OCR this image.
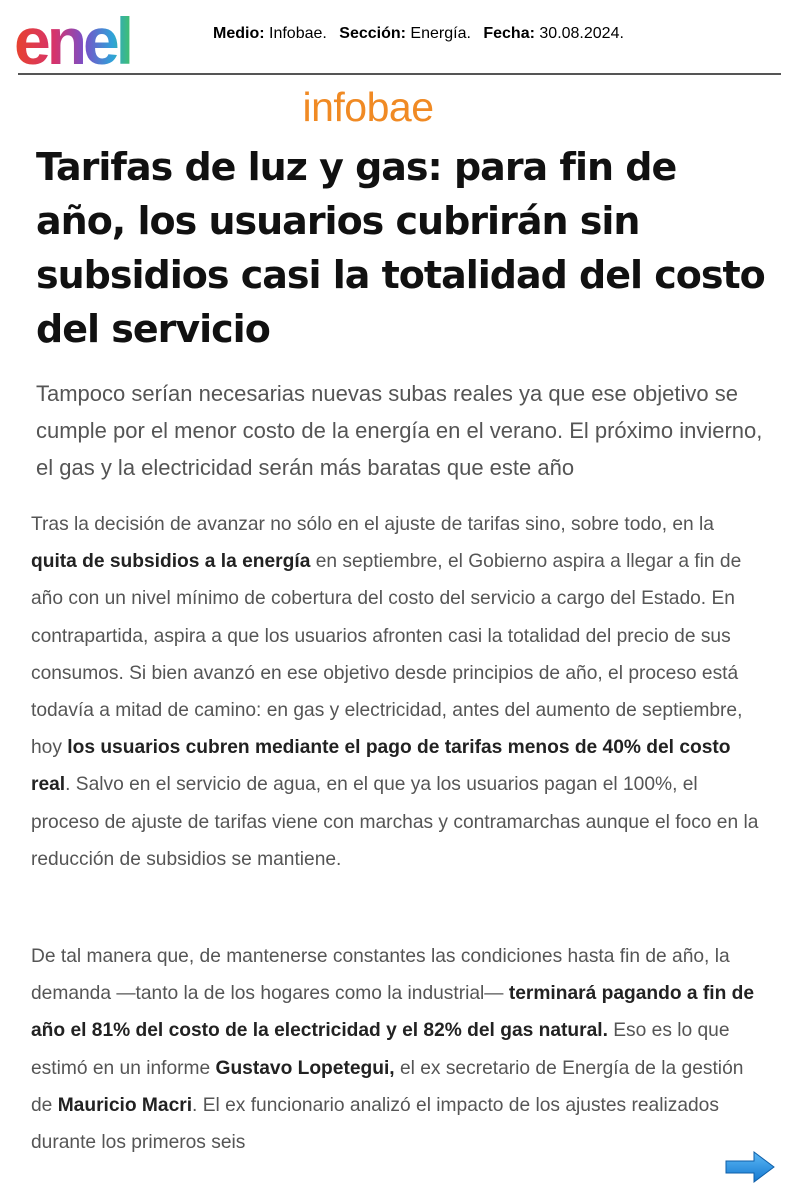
enel	Medio: Infobae. Sección: Energía. Fecha: 30.08.2024.
infobae
Tarifas de luz y gas: para fin de año, los usuarios cubrirán sin subsidios casi la totalidad del costo del servicio

Tampoco serían necesarias nuevas subas reales ya que ese objetivo se cumple por el menor costo de la energía en el verano. El próximo invierno, el gas y la electricidad serán más baratas que este año

Tras la decisión de avanzar no sólo en el ajuste de tarifas sino, sobre todo, en la quita de subsidios a la energía en septiembre, el Gobierno aspira a llegar a fin de año con un nivel mínimo de cobertura del costo del servicio a cargo del Estado. En contrapartida, aspira a que los usuarios afronten casi la totalidad del precio de sus consumos. Si bien avanzó en ese objetivo desde principios de año, el proceso está todavía a mitad de camino: en gas y electricidad, antes del aumento de septiembre, hoy los usuarios cubren mediante el pago de tarifas menos de 40% del costo real. Salvo en el servicio de agua, en el que ya los usuarios pagan el 100%, el proceso de ajuste de tarifas viene con marchas y contramarchas aunque el foco en la reducción de subsidios se mantiene.

De tal manera que, de mantenerse constantes las condiciones hasta fin de año, la demanda —tanto la de los hogares como la industrial— terminará pagando a fin de año el 81% del costo de la electricidad y el 82% del gas natural. Eso es lo que estimó en un informe Gustavo Lopetegui, el ex secretario de Energía de la gestión de Mauricio Macri. El ex funcionario analizó el impacto de los ajustes realizados durante los primeros seis
